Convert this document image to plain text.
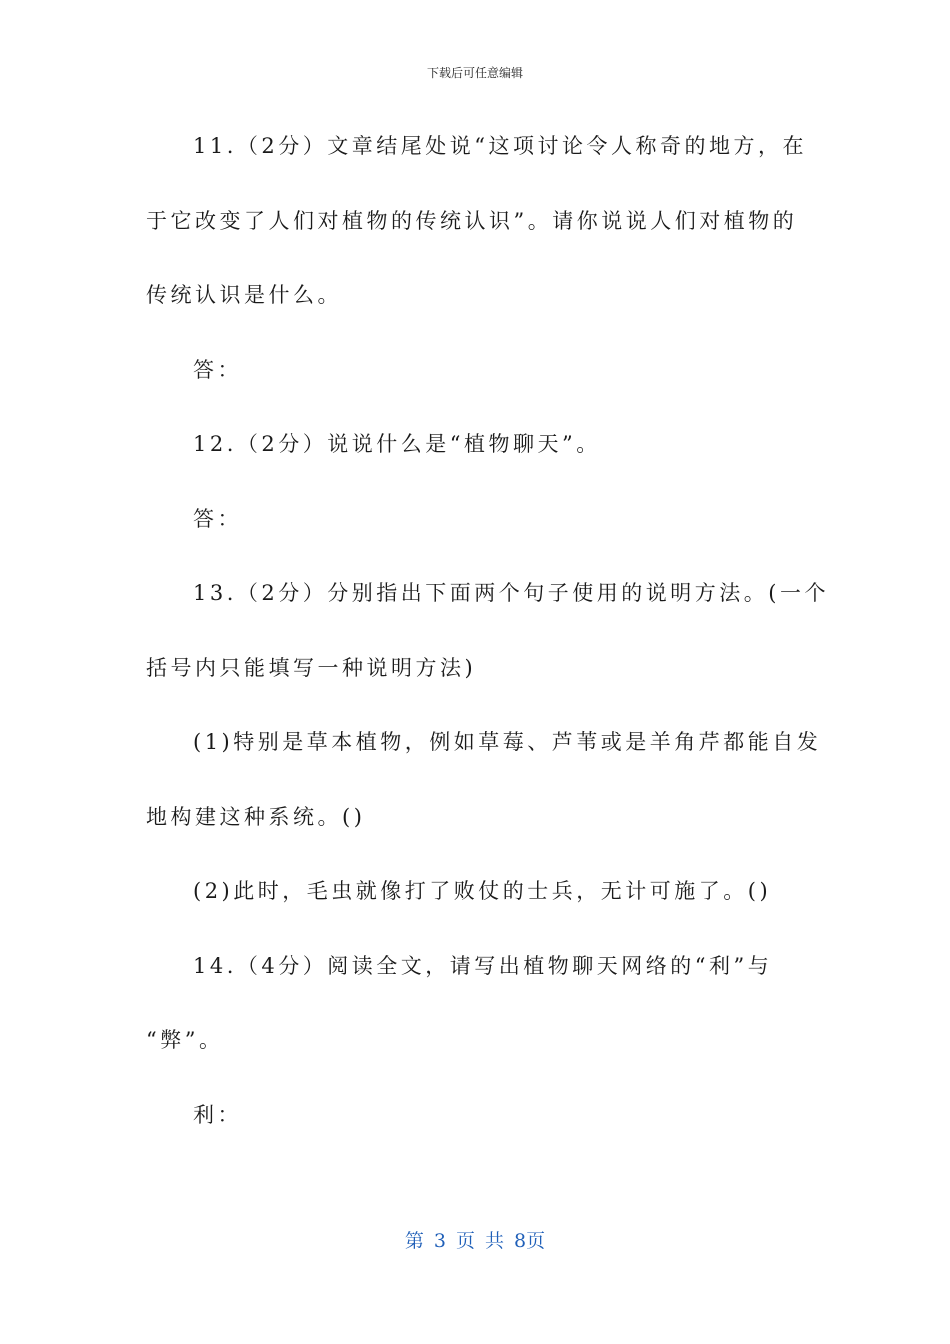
下载后可任意编辑
11.（2分）文章结尾处说“这项讨论令人称奇的地方，在
于它改变了人们对植物的传统认识”。请你说说人们对植物的
传统认识是什么。
答：
12.（2分）说说什么是“植物聊天”。
答：
13.（2分）分别指出下面两个句子使用的说明方法。(一个
括号内只能填写一种说明方法)
(1)特别是草本植物，例如草莓、芦苇或是羊角芹都能自发
地构建这种系统。()
(2)此时，毛虫就像打了败仗的士兵，无计可施了。()
14.（4分）阅读全文，请写出植物聊天网络的“利”与
“弊”。
利：
第 3 页 共 8页
